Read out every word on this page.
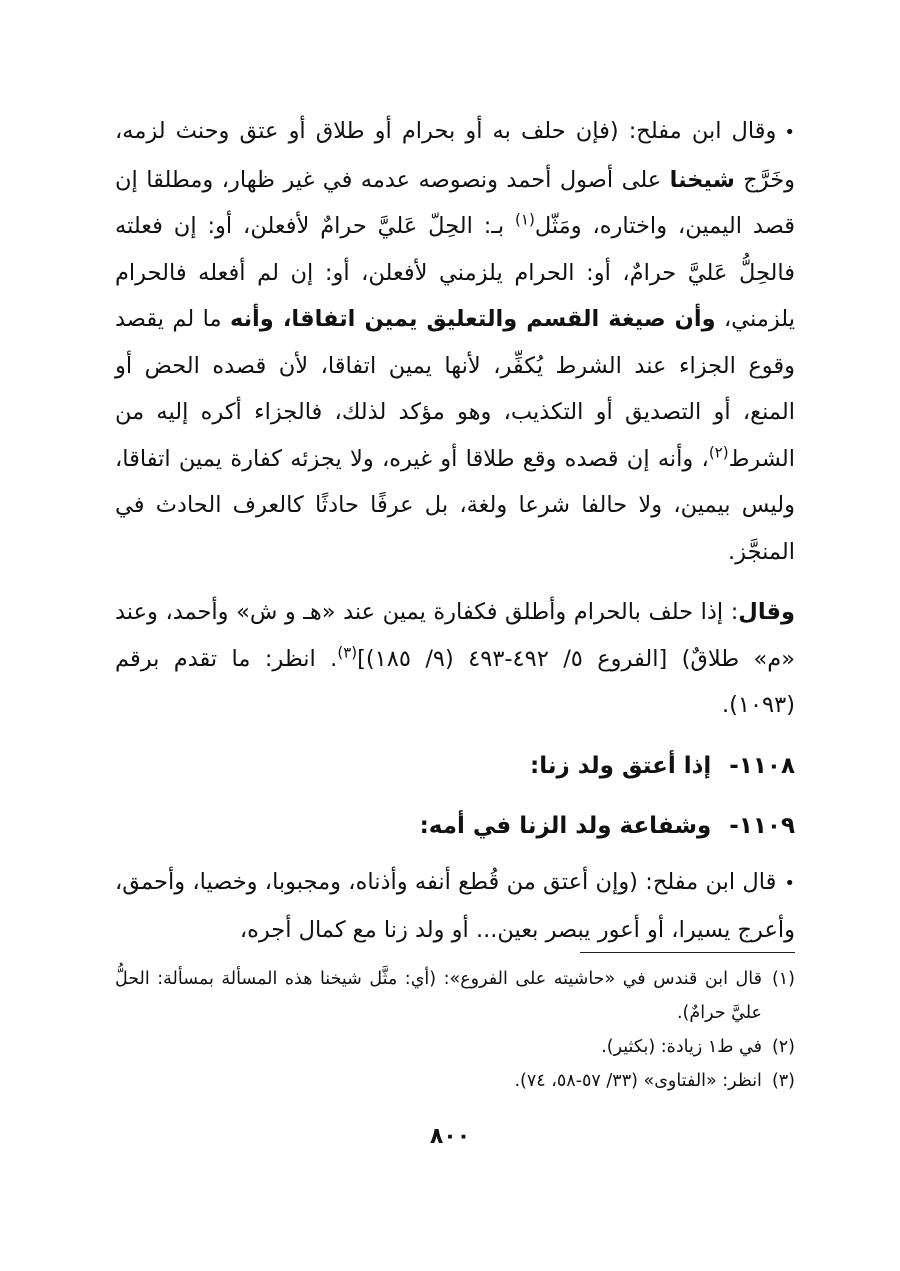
•وقال ابن مفلح: (فإن حلف به أو بحرام أو طلاق أو عتق وحنث لزمه، وخَرَّج شيخنا على أصول أحمد ونصوصه عدمه في غير ظهار، ومطلقا إن قصد اليمين، واختاره، ومَثّل$^{(١)}$ بـ: الحِلّ عَليَّ حرامٌ لأفعلن، أو: إن فعلته فالحِلُّ عَليَّ حرامٌ، أو: الحرام يلزمني لأفعلن، أو: إن لم أفعله فالحرام يلزمني، وأن صيغة القسم والتعليق يمين اتفاقا، وأنه ما لم يقصد وقوع الجزاء عند الشرط يُكفِّر، لأنها يمين اتفاقا، لأن قصده الحض أو المنع، أو التصديق أو التكذيب، وهو مؤكد لذلك، فالجزاء أكره إليه من الشرط$^{(٢)}$، وأنه إن قصده وقع طلاقا أو غيره، ولا يجزئه كفارة يمين اتفاقا، وليس بيمين، ولا حالفا شرعا ولغة، بل عرفًا حادثًا كالعرف الحادث في المنجَّز.

وقال: إذا حلف بالحرام وأطلق فكفارة يمين عند «هـ و ش» وأحمد، وعند «م» طلاقٌ) [الفروع ٥/ ٤٩٢-٤٩٣ (٩/ ١٨٥)]$^{(٣)}$. انظر: ما تقدم برقم (١٠٩٣).

١١٠٨-إذا أعتق ولد زنا:

١١٠٩-وشفاعة ولد الزنا في أمه:

•قال ابن مفلح: (وإن أعتق من قُطع أنفه وأذناه، ومجبوبا، وخصيا، وأحمق، وأعرج يسيرا، أو أعور يبصر بعين... أو ولد زنا مع كمال أجره،

(١)
قال ابن قندس في «حاشيته على الفروع»: (أي: مثَّل شيخنا هذه المسألة بمسألة: الحلُّ عليَّ حرامٌ).

(٢)
في ط١ زيادة: (بكثير).

(٣)
انظر: «الفتاوى» (٣٣/ ٥٧-٥٨، ٧٤).

٨٠٠
